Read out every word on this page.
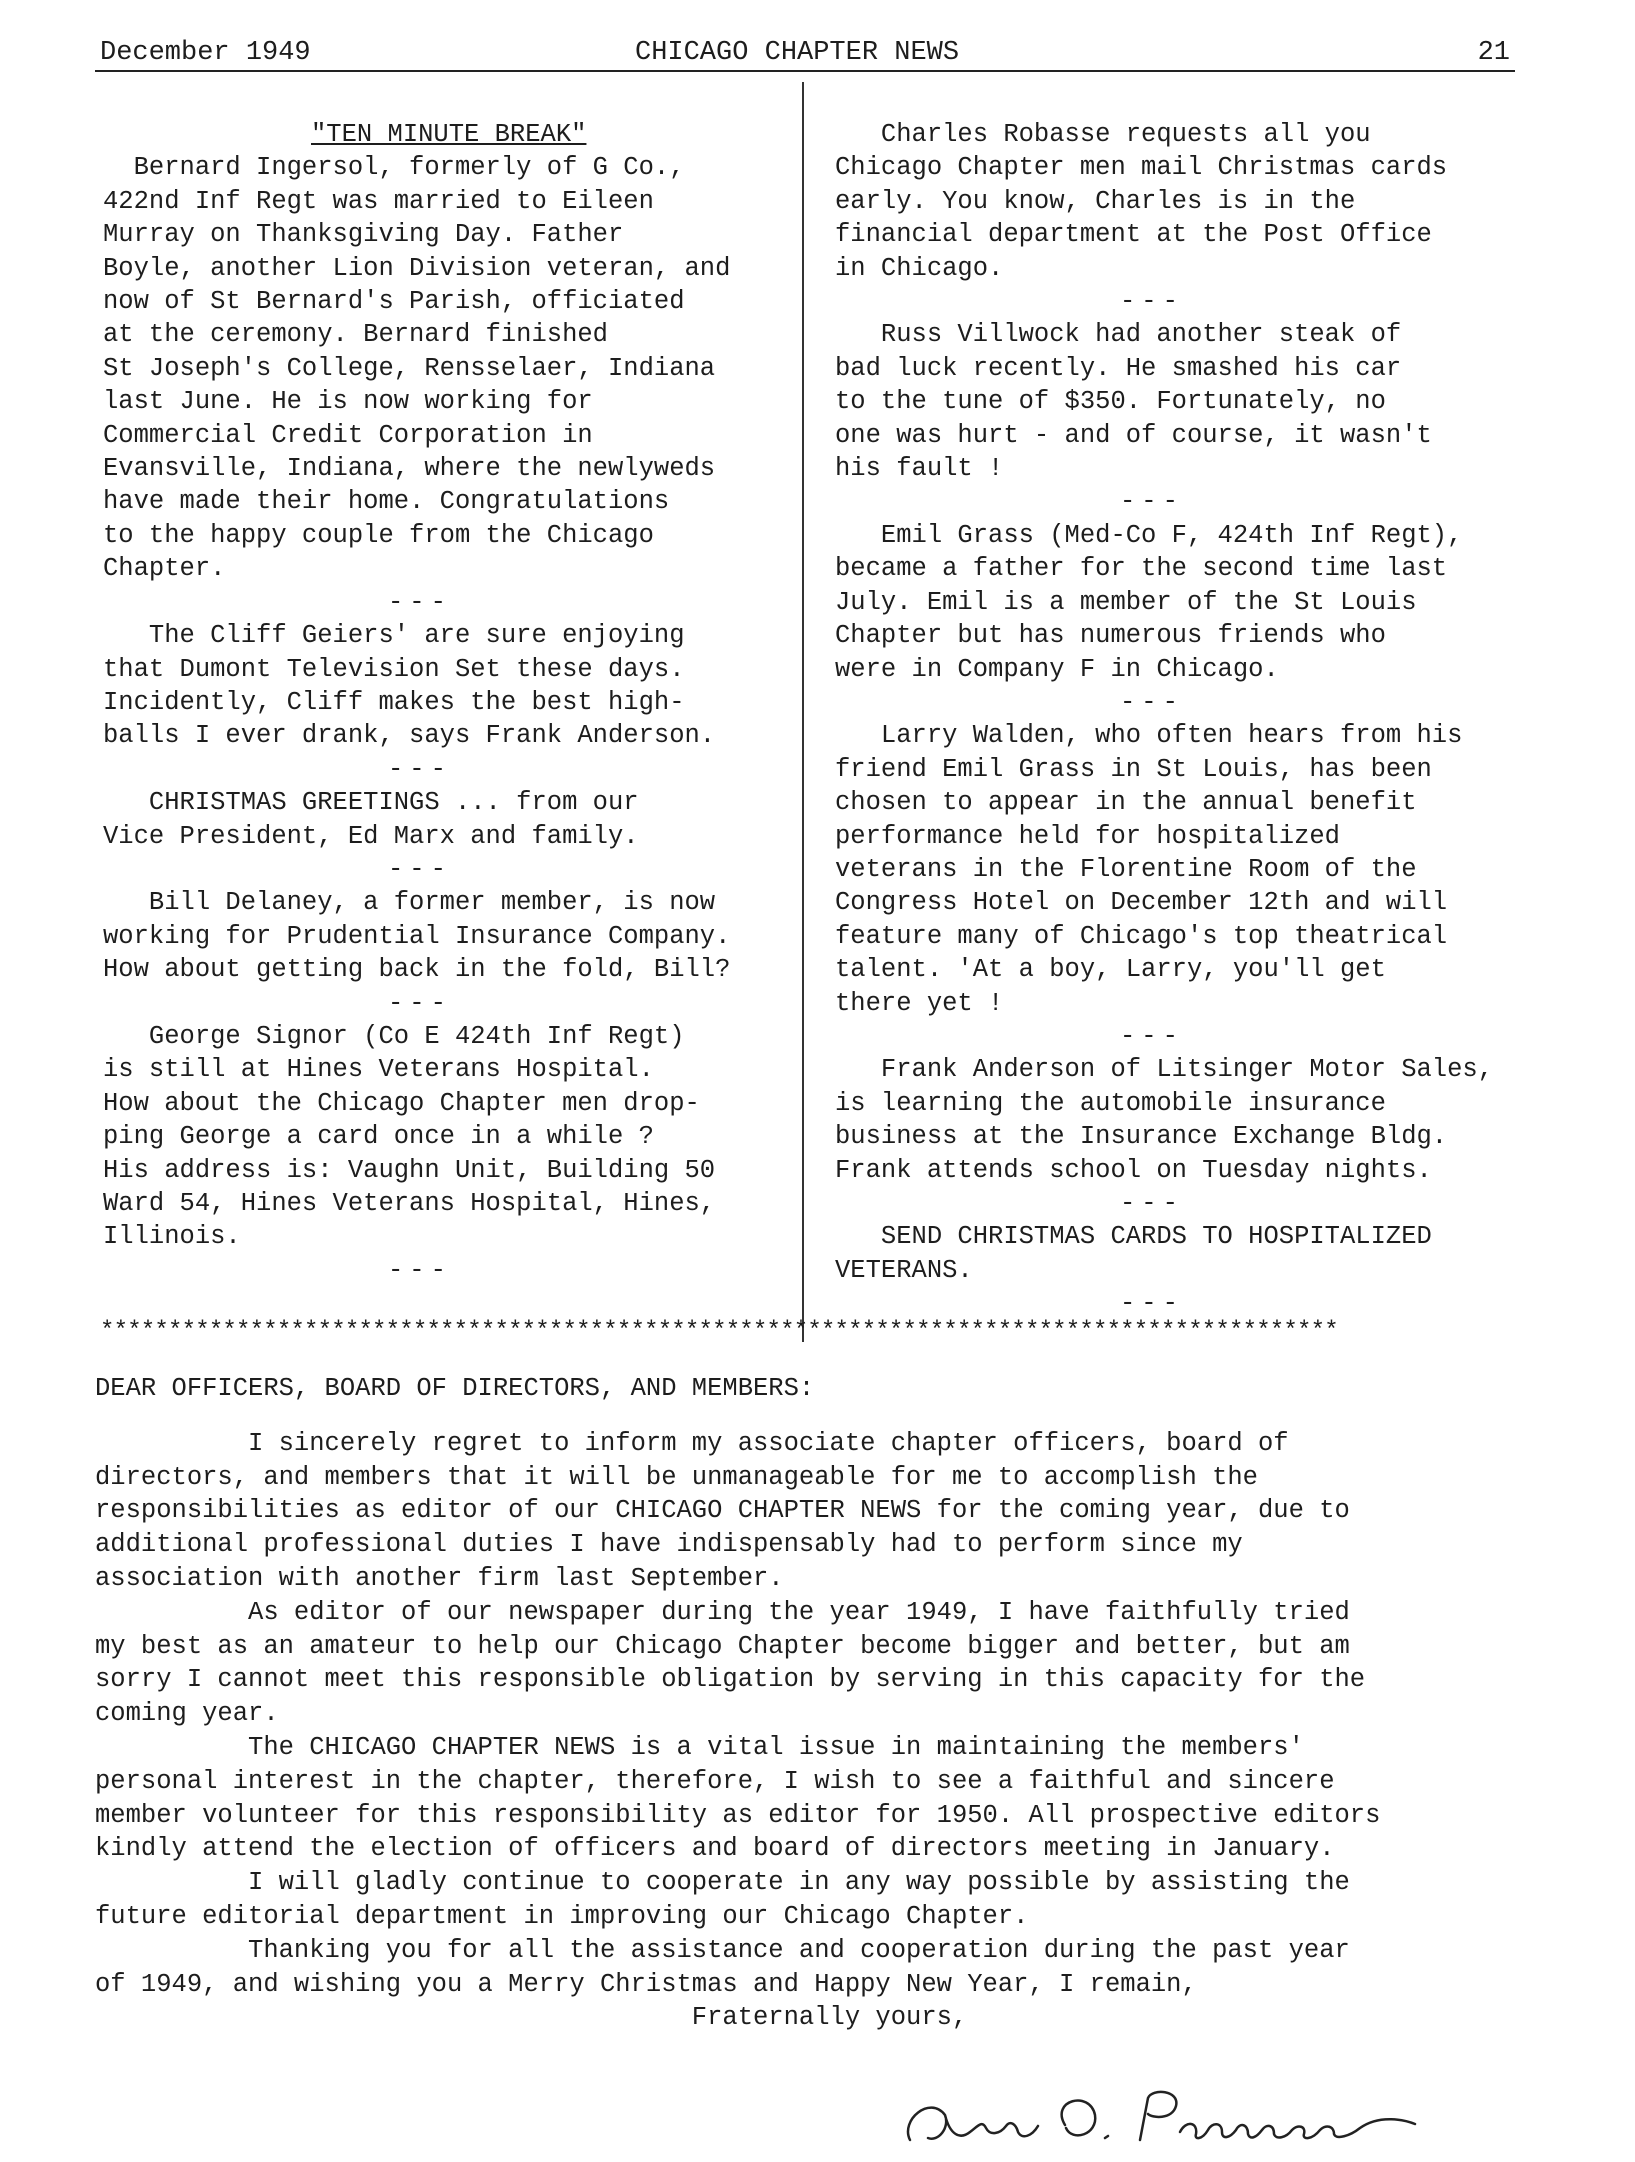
December 1949	CHICAGO CHAPTER NEWS	21

"TEN MINUTE BREAK"

Bernard Ingersol, formerly of G Co.,

422nd Inf Regt was married to Eileen

Murray on Thanksgiving Day. Father

Boyle, another Lion Division veteran, and

now of St Bernard's Parish, officiated

at the ceremony. Bernard finished

St Joseph's College, Rensselaer, Indiana

last June. He is now working for

Commercial Credit Corporation in

Evansville, Indiana, where the newlyweds

have made their home. Congratulations

to the happy couple from the Chicago

Chapter.

---

The Cliff Geiers' are sure enjoying

that Dumont Television Set these days.

Incidently, Cliff makes the best high-

balls I ever drank, says Frank Anderson.

---

CHRISTMAS GREETINGS ... from our

Vice President, Ed Marx and family.

---

Bill Delaney, a former member, is now

working for Prudential Insurance Company.

How about getting back in the fold, Bill?

---

George Signor (Co E 424th Inf Regt)

is still at Hines Veterans Hospital.

How about the Chicago Chapter men drop-

ping George a card once in a while ?

His address is: Vaughn Unit, Building 50

Ward 54, Hines Veterans Hospital, Hines,

Illinois.

---

Charles Robasse requests all you

Chicago Chapter men mail Christmas cards

early. You know, Charles is in the

financial department at the Post Office

in Chicago.

---

Russ Villwock had another steak of

bad luck recently. He smashed his car

to the tune of $350. Fortunately, no

one was hurt - and of course, it wasn't

his fault !

---

Emil Grass (Med-Co F, 424th Inf Regt),

became a father for the second time last

July. Emil is a member of the St Louis

Chapter but has numerous friends who

were in Company F in Chicago.

---

Larry Walden, who often hears from his

friend Emil Grass in St Louis, has been

chosen to appear in the annual benefit

performance held for hospitalized

veterans in the Florentine Room of the

Congress Hotel on December 12th and will

feature many of Chicago's top theatrical

talent. 'At a boy, Larry, you'll get

there yet !

---

Frank Anderson of Litsinger Motor Sales,

is learning the automobile insurance

business at the Insurance Exchange Bldg.

Frank attends school on Tuesday nights.

---

SEND CHRISTMAS CARDS TO HOSPITALIZED

VETERANS.

---

*******************************************************************************************

DEAR OFFICERS, BOARD OF DIRECTORS, AND MEMBERS:

I sincerely regret to inform my associate chapter officers, board of

directors, and members that it will be unmanageable for me to accomplish the

responsibilities as editor of our CHICAGO CHAPTER NEWS for the coming year, due to

additional professional duties I have indispensably had to perform since my

association with another firm last September.

As editor of our newspaper during the year 1949, I have faithfully tried

my best as an amateur to help our Chicago Chapter become bigger and better, but am

sorry I cannot meet this responsible obligation by serving in this capacity for the

coming year.

The CHICAGO CHAPTER NEWS is a vital issue in maintaining the members'

personal interest in the chapter, therefore, I wish to see a faithful and sincere

member volunteer for this responsibility as editor for 1950. All prospective editors

kindly attend the election of officers and board of directors meeting in January.

I will gladly continue to cooperate in any way possible by assisting the

future editorial department in improving our Chicago Chapter.

Thanking you for all the assistance and cooperation during the past year

of 1949, and wishing you a Merry Christmas and Happy New Year, I remain,

Fraternally yours,
